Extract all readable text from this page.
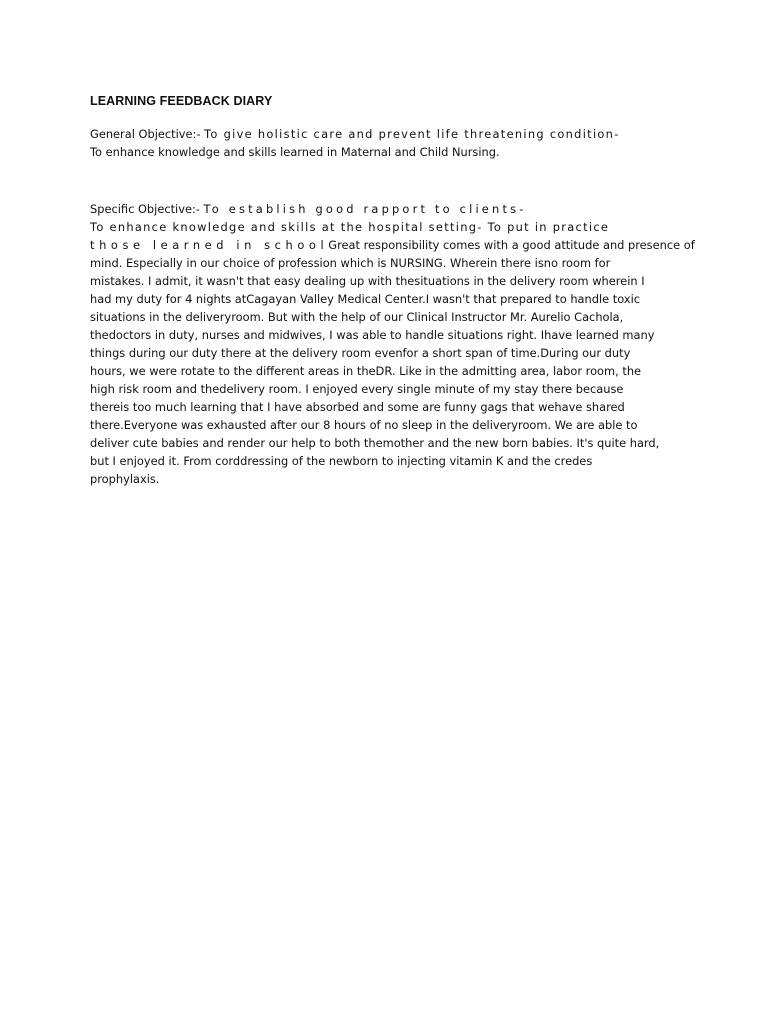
LEARNING FEEDBACK DIARY
General Objective:- To give holistic care and prevent life threatening condition-
To enhance knowledge and skills learned in Maternal and Child Nursing.
Specific Objective:- To establish good rapport to clients-
To enhance knowledge and skills at the hospital setting- To put in practice
those learned in schoolGreat responsibility comes with a good attitude and presence of
mind. Especially in our choice of profession which is NURSING. Wherein there isno room for
mistakes. I admit, it wasn't that easy dealing up with thesituations in the delivery room wherein I
had my duty for 4 nights atCagayan Valley Medical Center.I wasn't that prepared to handle toxic
situations in the deliveryroom. But with the help of our Clinical Instructor Mr. Aurelio Cachola,
thedoctors in duty, nurses and midwives, I was able to handle situations right. Ihave learned many
things during our duty there at the delivery room evenfor a short span of time.During our duty
hours, we were rotate to the different areas in theDR. Like in the admitting area, labor room, the
high risk room and thedelivery room. I enjoyed every single minute of my stay there because
thereis too much learning that I have absorbed and some are funny gags that wehave shared
there.Everyone was exhausted after our 8 hours of no sleep in the deliveryroom. We are able to
deliver cute babies and render our help to both themother and the new born babies. It's quite hard,
but I enjoyed it. From corddressing of the newborn to injecting vitamin K and the credes
prophylaxis.
